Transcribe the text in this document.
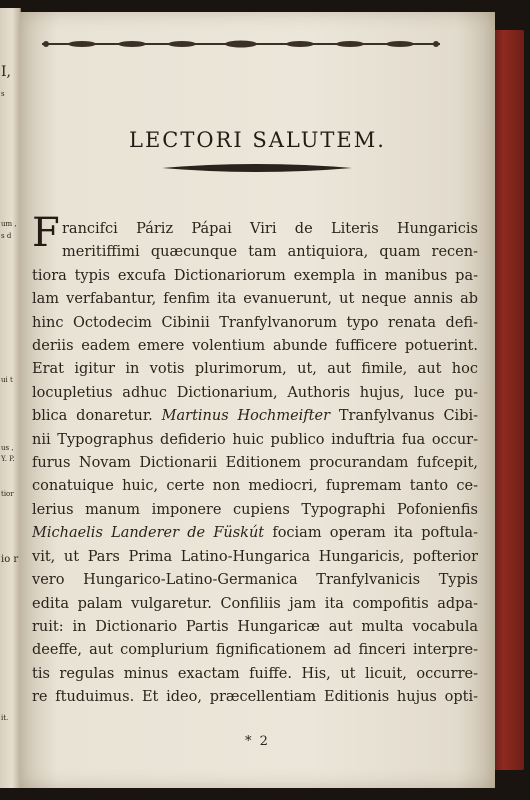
I,
s
um ,
s d
ui t
us ,
Y. P.
tior
io r
it.
LECTORI SALUTEM.
F rancifci Páriz Pápai Viri de Literis Hungaricis
meritiffimi quæcunque tam antiquiora, quam recen-
tiora typis excufa Dictionariorum exempla in manibus pa-
lam verfabantur, fenfim ita evanuerunt, ut neque annis ab
hinc Octodecim Cibinii Tranfylvanorum typo renata defi-
deriis eadem emere volentium abunde fufficere potuerint.
Erat igitur in votis plurimorum, ut, aut fimile, aut hoc
locupletius adhuc Dictionarium, Authoris hujus, luce pu-
blica donaretur. Martinus Hochmeifter Tranfylvanus Cibi-
nii Typographus defiderio huic publico induftria fua occur-
furus Novam Dictionarii Editionem procurandam fufcepit,
conatuique huic, certe non mediocri, fupremam tanto ce-
lerius manum imponere cupiens Typographi Pofonienfis
Michaelis Landerer de Füskút fociam operam ita poftula-
vit, ut Pars Prima Latino-Hungarica Hungaricis, pofterior
vero Hungarico-Latino-Germanica Tranfylvanicis Typis
edita palam vulgaretur. Confiliis jam ita compofitis adpa-
ruit: in Dictionario Partis Hungaricæ aut multa vocabula
deeffe, aut complurium fignificationem ad finceri interpre-
tis regulas minus exactam fuiffe. His, ut licuit, occurre-
re ftuduimus. Et ideo, præcellentiam Editionis hujus opti-
* 2
